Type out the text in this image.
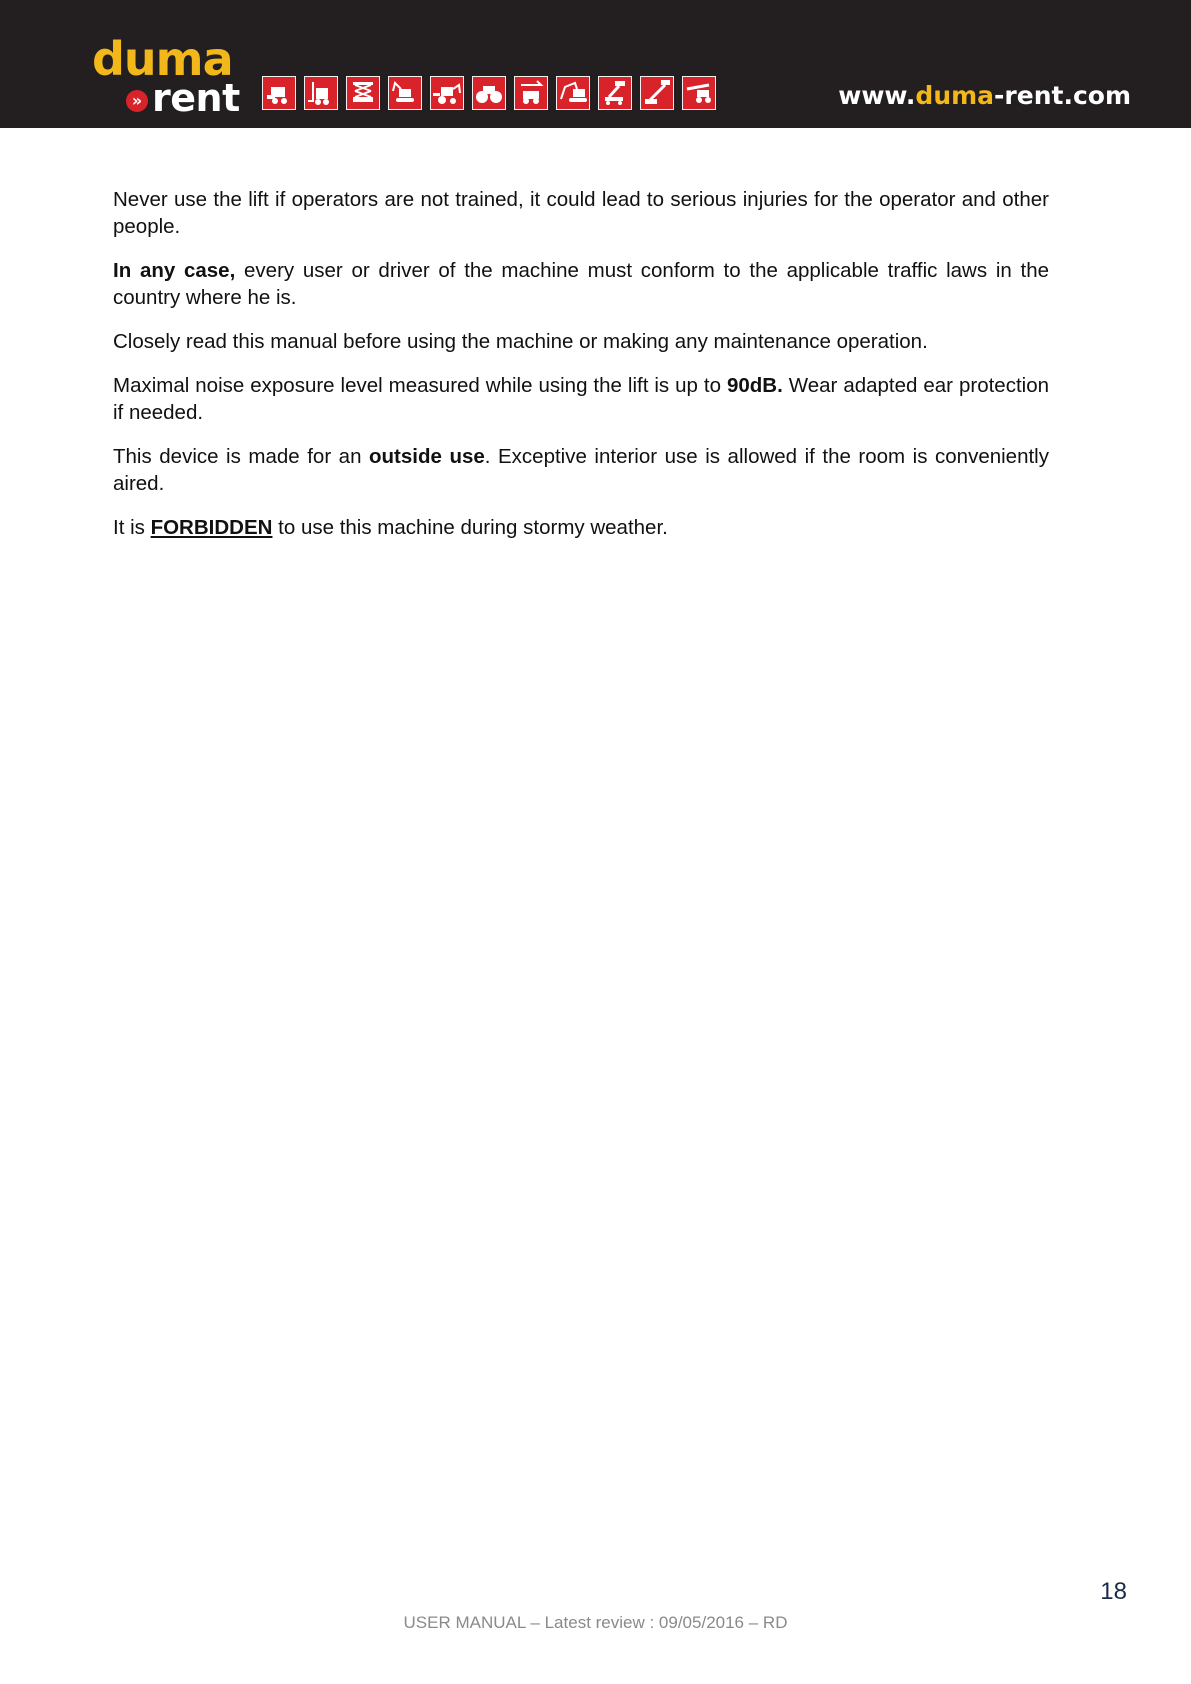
duma
» rent	www.duma-rent.com

Never use the lift if operators are not trained, it could lead to serious injuries for the operator and other people.

In any case, every user or driver of the machine must conform to the applicable traffic laws in the country where he is.

Closely read this manual before using the machine or making any maintenance operation.

Maximal noise exposure level measured while using the lift is up to 90dB. Wear adapted ear protection if needed.

This device is made for an outside use. Exceptive interior use is allowed if the room is conveniently aired.

It is FORBIDDEN to use this machine during stormy weather.

18
USER MANUAL – Latest review : 09/05/2016 – RD
